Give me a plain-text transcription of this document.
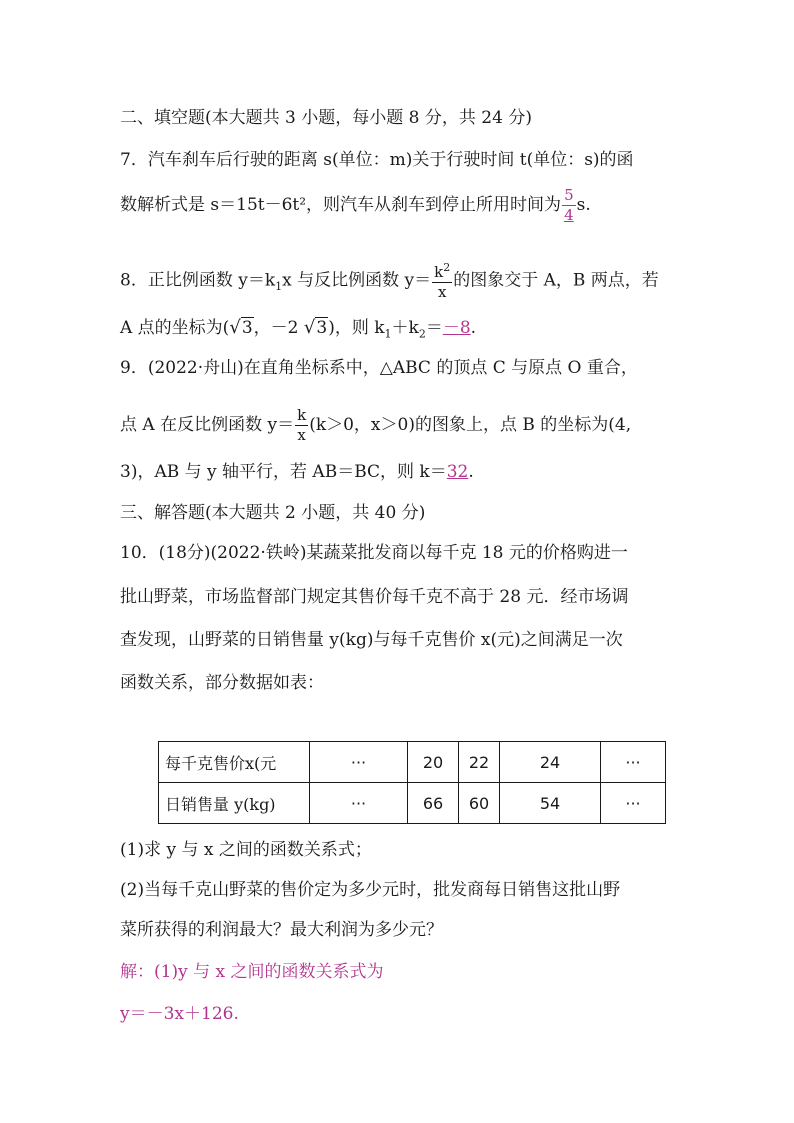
二、填空题(本大题共 3 小题，每小题 8 分，共 24 分)
7．汽车刹车后行驶的距离 s(单位：m)关于行驶时间 t(单位：s)的函
数解析式是 s＝15t－6t²，则汽车从刹车到停止所用时间为 $\frac{5}{4} s$.
8．正比例函数 $y=k_1x$ 与反比例函数 $y= \frac{k^2}{x}$ 的图象交于 A，B 两点，若
A 点的坐标为(√3，－2 √3)，则 $k_1+k_2=-8$.
9．(2022·舟山)在直角坐标系中，△ABC 的顶点 C 与原点 O 重合，
点 A 在反比例函数 $y= \frac{k}{x} (k>0$，x＞0)的图象上，点 B 的坐标为(4,
3)，AB 与 y 轴平行，若 AB＝BC，则 k＝32.
三、解答题(本大题共 2 小题，共 40 分)
10．(18分)(2022·铁岭)某蔬菜批发商以每千克 18 元的价格购进一
批山野菜，市场监督部门规定其售价每千克不高于 28 元．经市场调
查发现，山野菜的日销售量 y(kg)与每千克售价 x(元)之间满足一次
函数关系，部分数据如表：
每千克售价x(元	···	20	22	24	···
日销售量 y(kg)	···	66	60	54	···
(1)求 y 与 x 之间的函数关系式；
(2)当每千克山野菜的售价定为多少元时，批发商每日销售这批山野
菜所获得的利润最大？最大利润为多少元？
解：(1)y 与 x 之间的函数关系式为
y＝－3x＋126.
